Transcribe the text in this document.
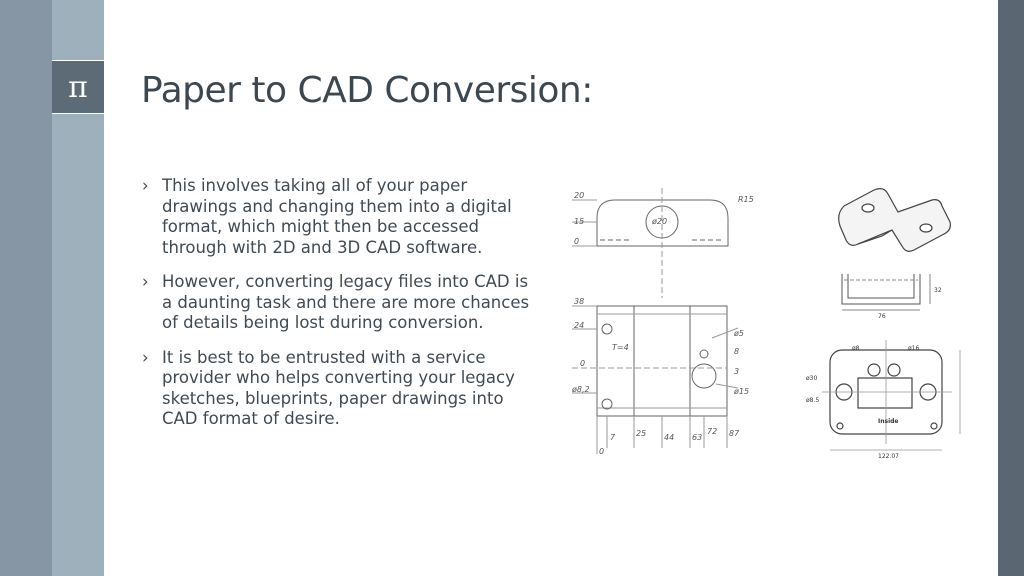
π Paper to CAD Conversion:
› This involves taking all of your paper drawings and changing them into a digital format, which might then be accessed through with 2D and 3D CAD software.
› However, converting legacy files into CAD is a daunting task and there are more chances of details being lost during conversion.
› It is best to be entrusted with a service provider who helps converting your legacy sketches, blueprints, paper drawings into CAD format of desire.
20
15
0
R15
ø20
38
24
0
ø8,2
T=4
ø5
8
3
ø15
7	25 44 63
72 87
0
Inside
ø8	ø16
ø30
ø8.5
76
32
122.07
